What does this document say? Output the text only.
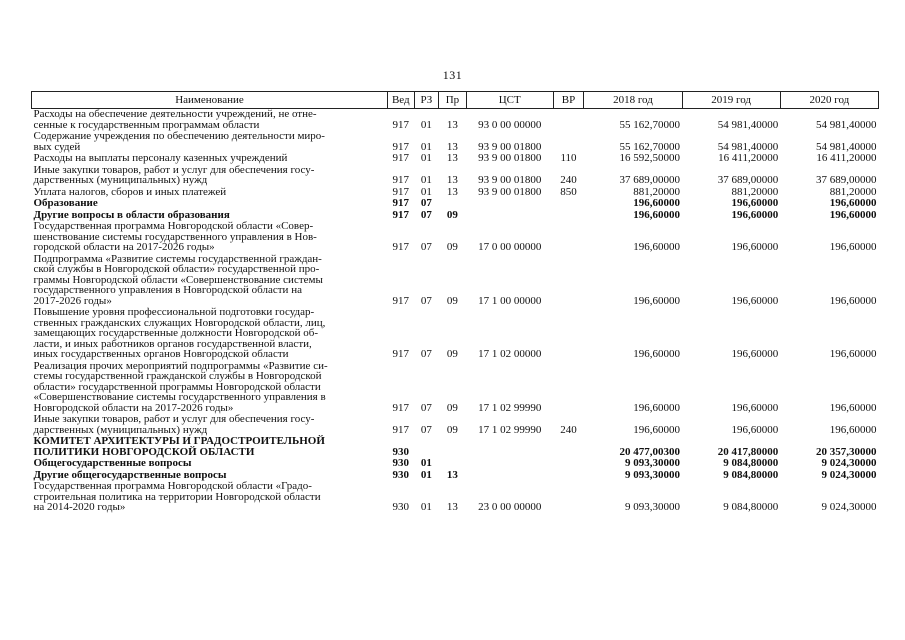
131
Наименование	Вед	РЗ	Пр	ЦСТ	ВР	2018 год	2019 год	2020 год
Расходы на обеспечение деятельности учреждений, не отне-
сенные к государственным программам области	917	01	13	93 0 00 00000		55 162,70000	54 981,40000	54 981,40000
Содержание учреждения по обеспечению деятельности миро-
вых судей	917	01	13	93 9 00 01800		55 162,70000	54 981,40000	54 981,40000
Расходы на выплаты персоналу казенных учреждений	917	01	13	93 9 00 01800	110	16 592,50000	16 411,20000	16 411,20000
Иные закупки товаров, работ и услуг для обеспечения госу-
дарственных (муниципальных) нужд	917	01	13	93 9 00 01800	240	37 689,00000	37 689,00000	37 689,00000
Уплата налогов, сборов и иных платежей	917	01	13	93 9 00 01800	850	881,20000	881,20000	881,20000
Образование	917	07				196,60000	196,60000	196,60000
Другие вопросы в области образования	917	07	09			196,60000	196,60000	196,60000
Государственная программа Новгородской области «Совер-
шенствование системы государственного управления в Нов-
городской области на 2017-2026 годы»	917	07	09	17 0 00 00000		196,60000	196,60000	196,60000
Подпрограмма «Развитие системы государственной граждан-
ской службы в Новгородской области» государственной про-
граммы Новгородской области «Совершенствование системы
государственного управления в Новгородской области на
2017-2026 годы»	917	07	09	17 1 00 00000		196,60000	196,60000	196,60000
Повышение уровня профессиональной подготовки государ-
ственных гражданских служащих Новгородской области, лиц,
замещающих государственные должности Новгородской об-
ласти, и иных работников органов государственной власти,
иных государственных органов Новгородской области	917	07	09	17 1 02 00000		196,60000	196,60000	196,60000
Реализация прочих мероприятий подпрограммы «Развитие си-
стемы государственной гражданской службы в Новгородской
области» государственной программы Новгородской области
«Совершенствование системы государственного управления в
Новгородской области на 2017-2026 годы»	917	07	09	17 1 02 99990		196,60000	196,60000	196,60000
Иные закупки товаров, работ и услуг для обеспечения госу-
дарственных (муниципальных) нужд	917	07	09	17 1 02 99990	240	196,60000	196,60000	196,60000
КОМИТЕТ АРХИТЕКТУРЫ И ГРАДОСТРОИТЕЛЬНОЙ
ПОЛИТИКИ НОВГОРОДСКОЙ ОБЛАСТИ	930					20 477,00300	20 417,80000	20 357,30000
Общегосударственные вопросы	930	01				9 093,30000	9 084,80000	9 024,30000
Другие общегосударственные вопросы	930	01	13			9 093,30000	9 084,80000	9 024,30000
Государственная программа Новгородской области «Градо-
строительная политика на территории Новгородской области
на 2014-2020 годы»	930	01	13	23 0 00 00000		9 093,30000	9 084,80000	9 024,30000
